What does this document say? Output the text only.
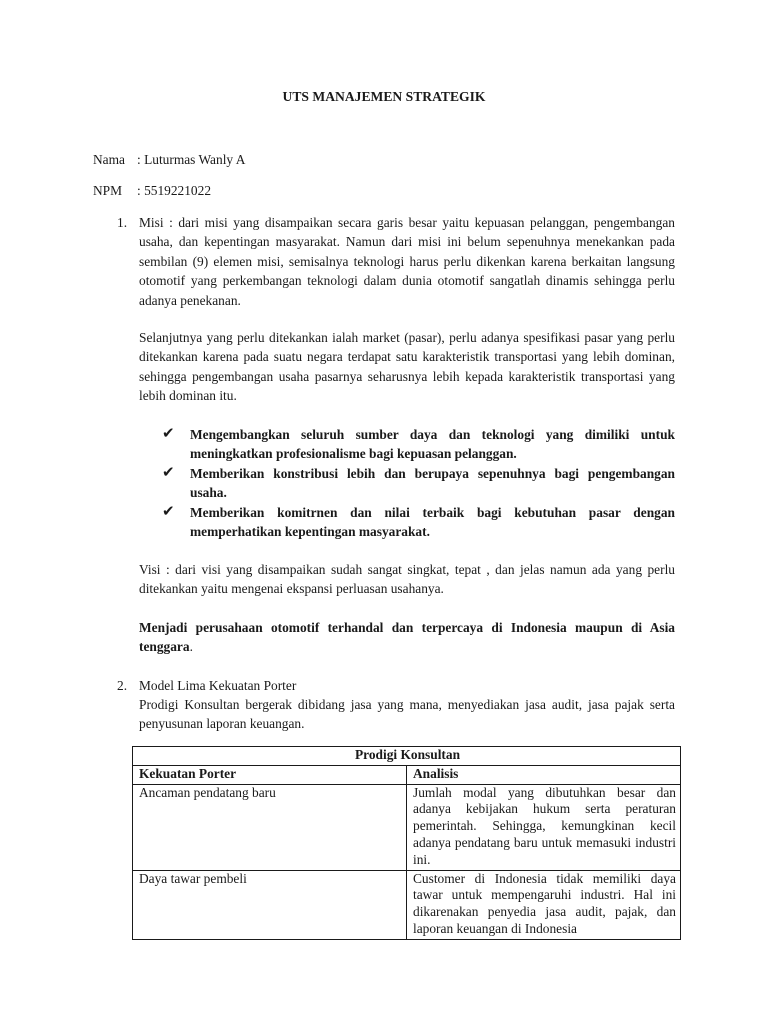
UTS MANAJEMEN STRATEGIK
Nama : Luturmas Wanly A
NPM : 5519221022
1. Misi : dari misi yang disampaikan secara garis besar yaitu kepuasan pelanggan, pengembangan usaha, dan kepentingan masyarakat. Namun dari misi ini belum sepenuhnya menekankan pada sembilan (9) elemen misi, semisalnya teknologi harus perlu dikenkan karena berkaitan langsung otomotif yang perkembangan teknologi dalam dunia otomotif sangatlah dinamis sehingga perlu adanya penekanan.
Selanjutnya yang perlu ditekankan ialah market (pasar), perlu adanya spesifikasi pasar yang perlu ditekankan karena pada suatu negara terdapat satu karakteristik transportasi yang lebih dominan, sehingga pengembangan usaha pasarnya seharusnya lebih kepada karakteristik transportasi yang lebih dominan itu.
✔ Mengembangkan seluruh sumber daya dan teknologi yang dimiliki untuk meningkatkan profesionalisme bagi kepuasan pelanggan.
✔ Memberikan konstribusi lebih dan berupaya sepenuhnya bagi pengembangan usaha.
✔ Memberikan komitrnen dan nilai terbaik bagi kebutuhan pasar dengan memperhatikan kepentingan masyarakat.
Visi : dari visi yang disampaikan sudah sangat singkat, tepat , dan jelas namun ada yang perlu ditekankan yaitu mengenai ekspansi perluasan usahanya.
Menjadi perusahaan otomotif terhandal dan terpercaya di Indonesia maupun di Asia tenggara.
2. Model Lima Kekuatan Porter
Prodigi Konsultan bergerak dibidang jasa yang mana, menyediakan jasa audit, jasa pajak serta penyusunan laporan keuangan.
Prodigi Konsultan	
Kekuatan Porter	Analisis
Ancaman pendatang baru	Jumlah modal yang dibutuhkan besar dan adanya kebijakan hukum serta peraturan pemerintah. Sehingga, kemungkinan kecil adanya pendatang baru untuk memasuki industri ini.
Daya tawar pembeli	Customer di Indonesia tidak memiliki daya tawar untuk mempengaruhi industri. Hal ini dikarenakan penyedia jasa audit, pajak, dan laporan keuangan di Indonesia
